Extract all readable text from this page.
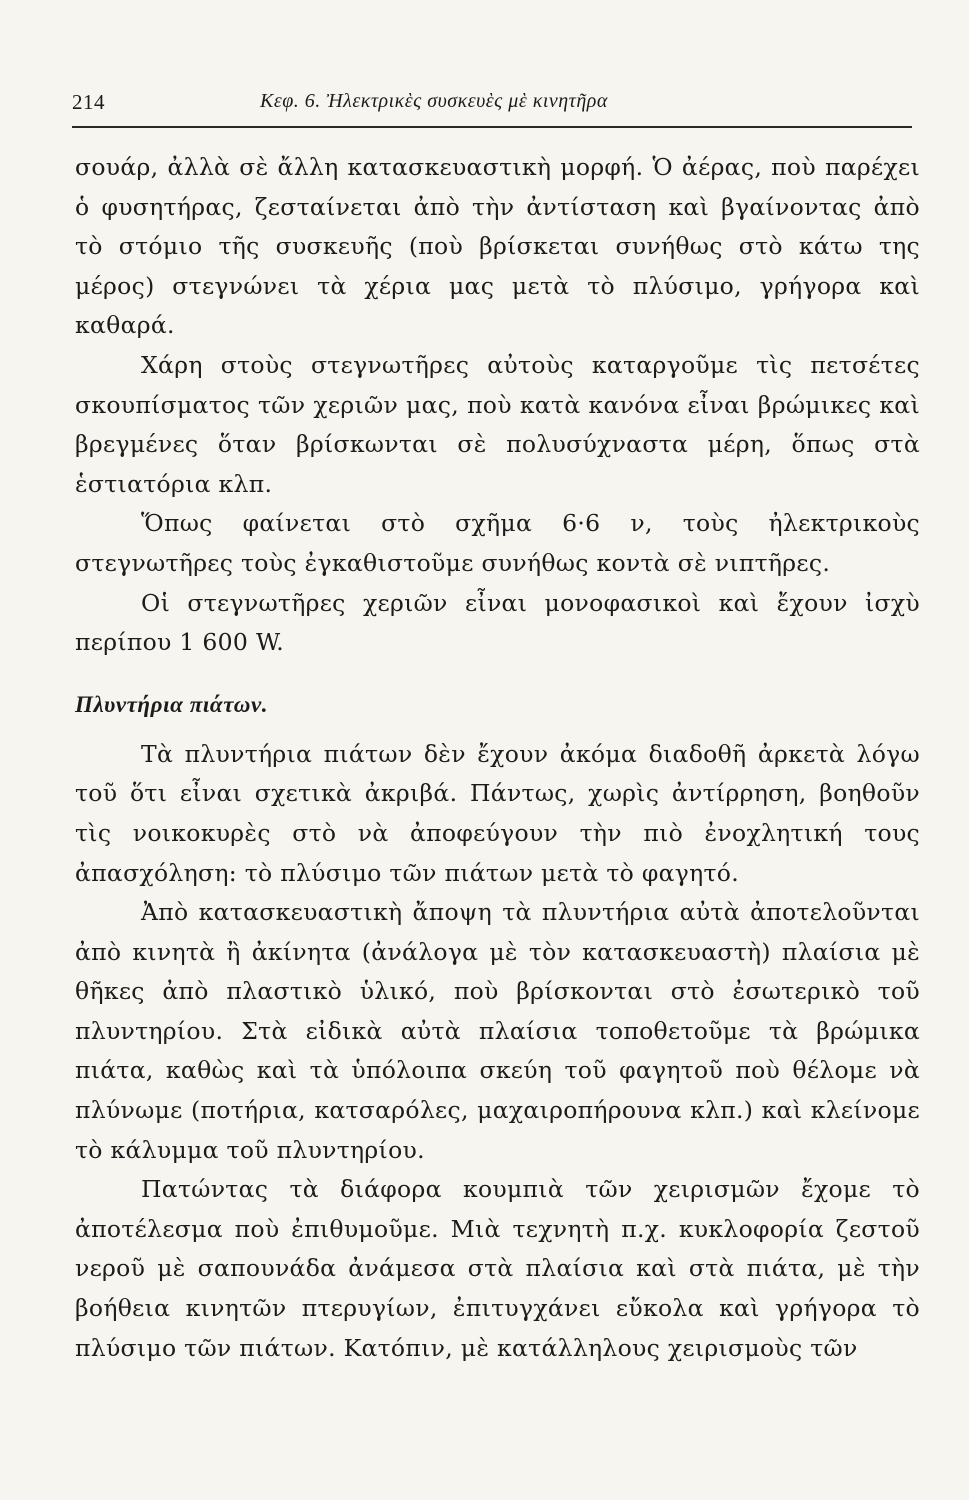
214	Κεφ. 6. Ἠλεκτρικὲς συσκευὲς μὲ κινητῆρα

σουάρ, ἀλλὰ σὲ ἄλλη κατασκευαστικὴ μορφή. Ὁ ἀέρας, ποὺ παρέχει ὁ φυσητήρας, ζεσταίνεται ἀπὸ τὴν ἀντίσταση καὶ βγαίνοντας ἀπὸ τὸ στόμιο τῆς συσκευῆς (ποὺ βρίσκεται συνήθως στὸ κάτω της μέρος) στεγνώνει τὰ χέρια μας μετὰ τὸ πλύσιμο, γρήγορα καὶ καθαρά.

Χάρη στοὺς στεγνωτῆρες αὐτοὺς καταργοῦμε τὶς πετσέτες σκουπίσματος τῶν χεριῶν μας, ποὺ κατὰ κανόνα εἶναι βρώμικες καὶ βρεγμένες ὅταν βρίσκωνται σὲ πολυσύχναστα μέρη, ὅπως στὰ ἑστιατόρια κλπ.

Ὅπως φαίνεται στὸ σχῆμα 6·6 ν, τοὺς ἠλεκτρικοὺς στεγνωτῆρες τοὺς ἐγκαθιστοῦμε συνήθως κοντὰ σὲ νιπτῆρες.

Οἱ στεγνωτῆρες χεριῶν εἶναι μονοφασικοὶ καὶ ἔχουν ἰσχὺ περίπου 1 600 W.

Πλυντήρια πιάτων.

Τὰ πλυντήρια πιάτων δὲν ἔχουν ἀκόμα διαδοθῆ ἀρκετὰ λόγω τοῦ ὅτι εἶναι σχετικὰ ἀκριβά. Πάντως, χωρὶς ἀντίρρηση, βοηθοῦν τὶς νοικοκυρὲς στὸ νὰ ἀποφεύγουν τὴν πιὸ ἐνοχλητική τους ἀπασχόληση: τὸ πλύσιμο τῶν πιάτων μετὰ τὸ φαγητό.

Ἀπὸ κατασκευαστικὴ ἄποψη τὰ πλυντήρια αὐτὰ ἀποτελοῦνται ἀπὸ κινητὰ ἢ ἀκίνητα (ἀνάλογα μὲ τὸν κατασκευαστὴ) πλαίσια μὲ θῆκες ἀπὸ πλαστικὸ ὑλικό, ποὺ βρίσκονται στὸ ἐσωτερικὸ τοῦ πλυντηρίου. Στὰ εἰδικὰ αὐτὰ πλαίσια τοποθετοῦμε τὰ βρώμικα πιάτα, καθὼς καὶ τὰ ὑπόλοιπα σκεύη τοῦ φαγητοῦ ποὺ θέλομε νὰ πλύνωμε (ποτήρια, κατσαρόλες, μαχαιροπήρουνα κλπ.) καὶ κλείνομε τὸ κάλυμμα τοῦ πλυντηρίου.

Πατώντας τὰ διάφορα κουμπιὰ τῶν χειρισμῶν ἔχομε τὸ ἀποτέλεσμα ποὺ ἐπιθυμοῦμε. Μιὰ τεχνητὴ π.χ. κυκλοφορία ζεστοῦ νεροῦ μὲ σαπουνάδα ἀνάμεσα στὰ πλαίσια καὶ στὰ πιάτα, μὲ τὴν βοήθεια κινητῶν πτερυγίων, ἐπιτυγχάνει εὔκολα καὶ γρήγορα τὸ πλύσιμο τῶν πιάτων. Κατόπιν, μὲ κατάλληλους χειρισμοὺς τῶν
